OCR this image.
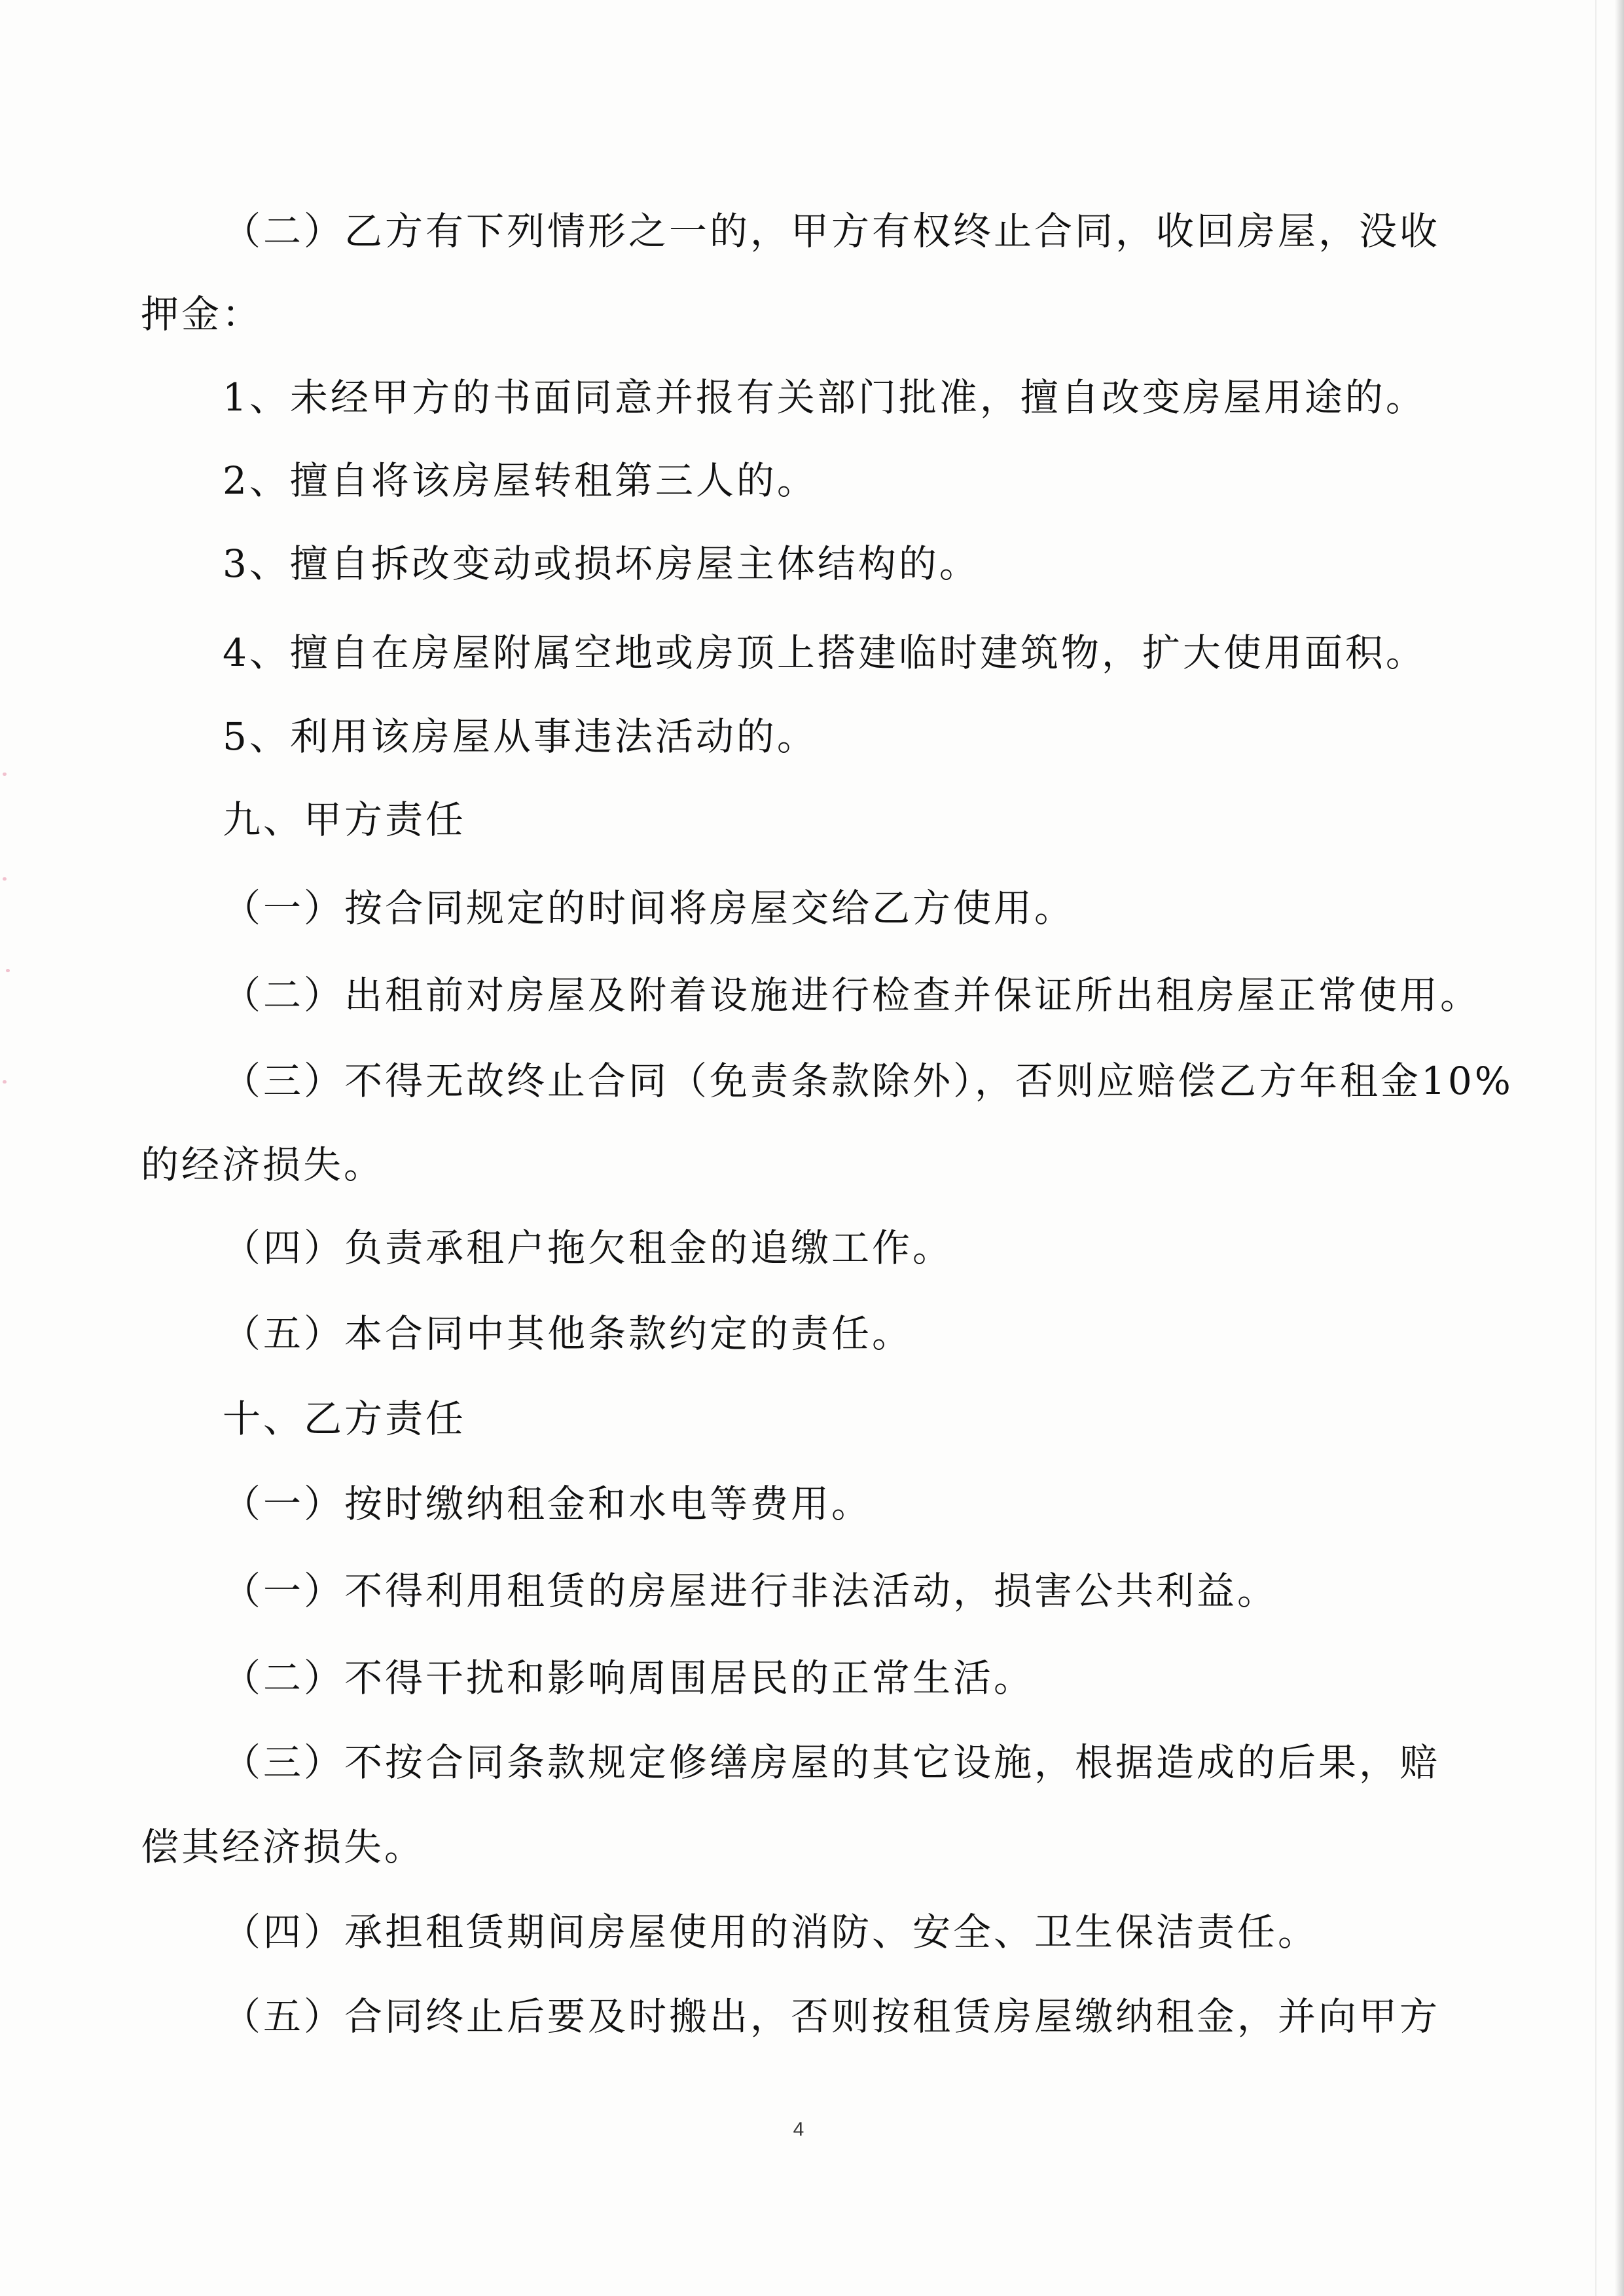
（二）乙方有下列情形之一的，甲方有权终止合同，收回房屋，没收
押金：
1、未经甲方的书面同意并报有关部门批准，擅自改变房屋用途的。
2、擅自将该房屋转租第三人的。
3、擅自拆改变动或损坏房屋主体结构的。
4、擅自在房屋附属空地或房顶上搭建临时建筑物，扩大使用面积。
5、利用该房屋从事违法活动的。
九、甲方责任
（一）按合同规定的时间将房屋交给乙方使用。
（二）出租前对房屋及附着设施进行检查并保证所出租房屋正常使用。
（三）不得无故终止合同（免责条款除外），否则应赔偿乙方年租金10%
的经济损失。
（四）负责承租户拖欠租金的追缴工作。
（五）本合同中其他条款约定的责任。
十、乙方责任
（一）按时缴纳租金和水电等费用。
（一）不得利用租赁的房屋进行非法活动，损害公共利益。
（二）不得干扰和影响周围居民的正常生活。
（三）不按合同条款规定修缮房屋的其它设施，根据造成的后果，赔
偿其经济损失。
（四）承担租赁期间房屋使用的消防、安全、卫生保洁责任。
（五）合同终止后要及时搬出，否则按租赁房屋缴纳租金，并向甲方
4
